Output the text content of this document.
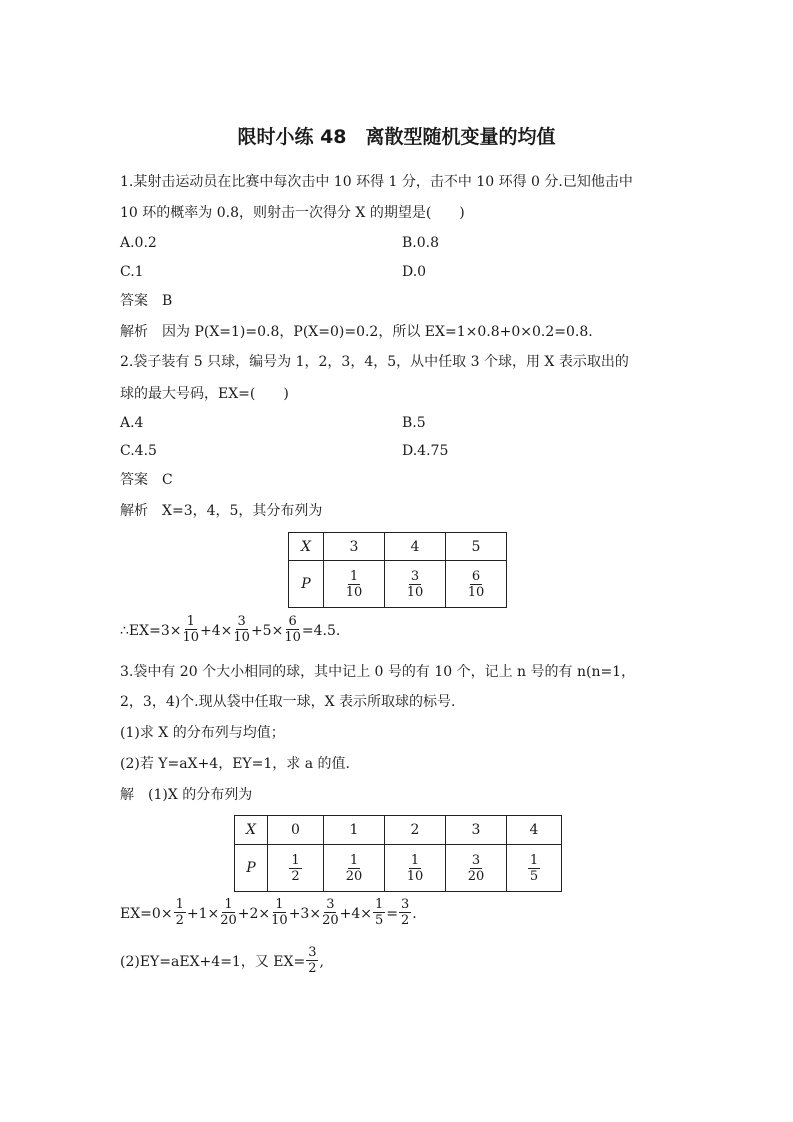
限时小练 48　离散型随机变量的均值
1.某射击运动员在比赛中每次击中 10 环得 1 分，击不中 10 环得 0 分.已知他击中
10 环的概率为 0.8，则射击一次得分 X 的期望是(　　)
A.0.2	B.0.8
C.1	D.0
答案　B
解析　因为 P(X=1)=0.8，P(X=0)=0.2，所以 EX=1×0.8+0×0.2=0.8.
2.袋子装有 5 只球，编号为 1，2，3，4，5，从中任取 3 个球，用 X 表示取出的
球的最大号码，EX=(　　)
A.4	B.5
C.4.5	D.4.75
答案　C
解析　X=3，4，5，其分布列为
X	3	4	5
P	$\frac{1}{10}$	$\frac{3}{10}$	$\frac{6}{10}$
∴EX=3× $\frac{1}{10} +4\times \frac{3}{10} +5\times \frac{6}{10} =4.5$.
3.袋中有 20 个大小相同的球，其中记上 0 号的有 10 个，记上 n 号的有 n(n=1，
2，3，4)个.现从袋中任取一球，X 表示所取球的标号.
(1)求 X 的分布列与均值；
(2)若 Y=aX+4，EY=1，求 a 的值.
解　(1)X 的分布列为
X	0	1	2	3	4
P	$\frac{1}{2}$	$\frac{1}{20}$	$\frac{1}{10}$	$\frac{3}{20}$	$\frac{1}{5}$
$EX=0\times \frac{1}{2} +1\times \frac{1}{20} +2\times \frac{1}{10} +3\times \frac{3}{20} +4\times \frac{1}{5} = \frac{3}{2}$ .
(2)EY=aEX+4=1，又 $EX= \frac{3}{2}$ ,
